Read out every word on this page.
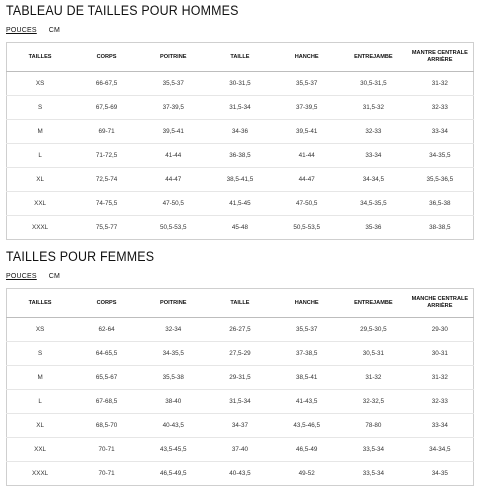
TABLEAU DE TAILLES POUR HOMMES
POUCES CM
TAILLES	CORPS	POITRINE	TAILLE	HANCHE	ENTREJAMBE	MANTRE CENTRALE ARRIÈRE
XS	66-67,5	35,5-37	30-31,5	35,5-37	30,5-31,5	31-32
S	67,5-69	37-39,5	31,5-34	37-39,5	31,5-32	32-33
M	69-71	39,5-41	34-36	39,5-41	32-33	33-34
L	71-72,5	41-44	36-38,5	41-44	33-34	34-35,5
XL	72,5-74	44-47	38,5-41,5	44-47	34-34,5	35,5-36,5
XXL	74-75,5	47-50,5	41,5-45	47-50,5	34,5-35,5	36,5-38
XXXL	75,5-77	50,5-53,5	45-48	50,5-53,5	35-36	38-38,5
TAILLES POUR FEMMES
POUCES CM
TAILLES	CORPS	POITRINE	TAILLE	HANCHE	ENTREJAMBE	MANCHE CENTRALE ARRIÈRE
XS	62-64	32-34	26-27,5	35,5-37	29,5-30,5	29-30
S	64-65,5	34-35,5	27,5-29	37-38,5	30,5-31	30-31
M	65,5-67	35,5-38	29-31,5	38,5-41	31-32	31-32
L	67-68,5	38-40	31,5-34	41-43,5	32-32,5	32-33
XL	68,5-70	40-43,5	34-37	43,5-46,5	78-80	33-34
XXL	70-71	43,5-45,5	37-40	46,5-49	33,5-34	34-34,5
XXXL	70-71	46,5-49,5	40-43,5	49-52	33,5-34	34-35
